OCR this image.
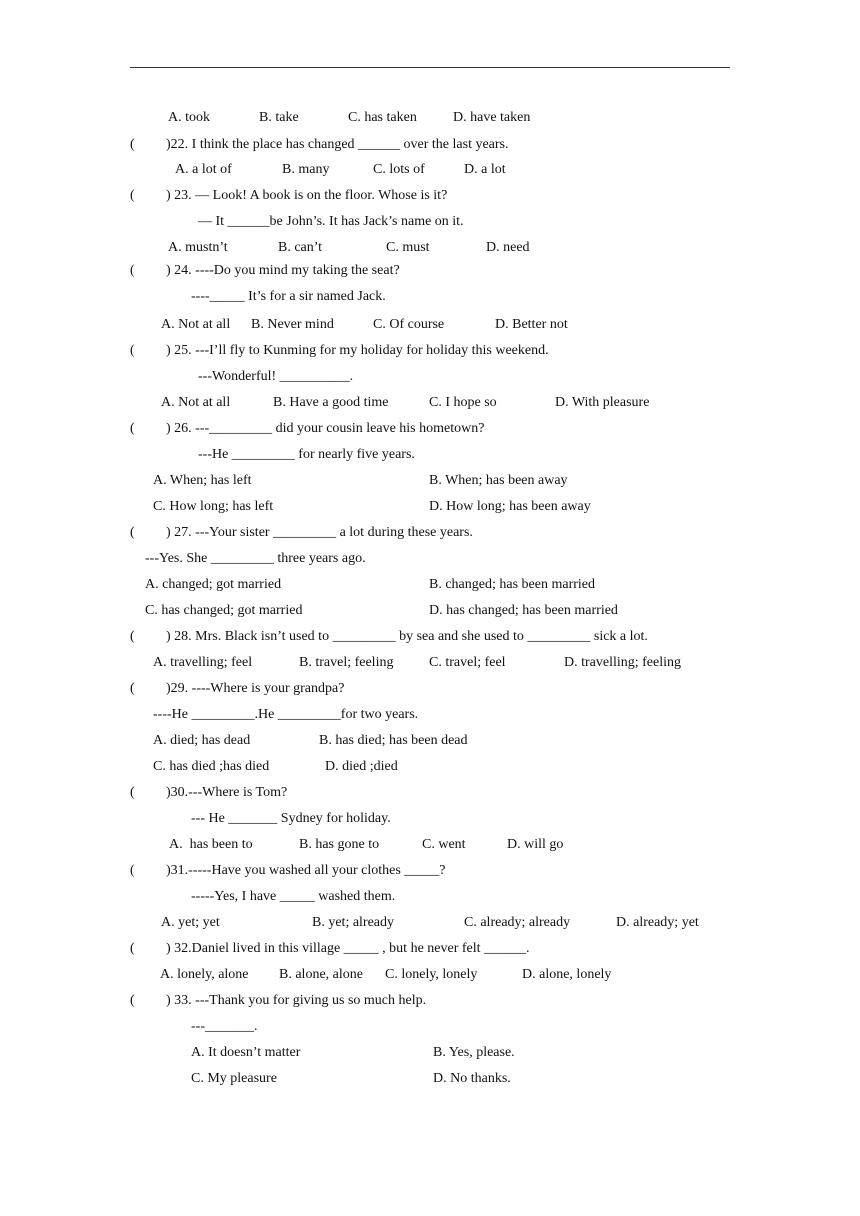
A. took	B. take	C. has taken	D. have taken
( )22. I think the place has changed ______ over the last years.
A. a lot of	B. many	C. lots of	D. a lot
( ) 23. — Look! A book is on the floor. Whose is it?
— It ______be John’s. It has Jack’s name on it.
A. mustn’t	B. can’t	C. must	D. need
( ) 24. ----Do you mind my taking the seat?
----_____ It’s for a sir named Jack.
A. Not at all B. Never mind	C. Of course	D. Better not
( ) 25. ---I’ll fly to Kunming for my holiday for holiday this weekend.
---Wonderful! __________.
A. Not at all	B. Have a good time	C. I hope so	D. With pleasure
( ) 26. ---_________ did your cousin leave his hometown?
---He _________ for nearly five years.
A. When; has left	B. When; has been away
C. How long; has left	D. How long; has been away
( ) 27. ---Your sister _________ a lot during these years.
---Yes. She _________ three years ago.
A. changed; got married	B. changed; has been married
C. has changed; got married	D. has changed; has been married
( ) 28. Mrs. Black isn’t used to _________ by sea and she used to _________ sick a lot.
A. travelling; feel	B. travel; feeling	C. travel; feel	D. travelling; feeling
( )29. ----Where is your grandpa?
----He _________.He _________for two years.
A. died; has dead	B. has died; has been dead
C. has died ;has died	D. died ;died
( )30.---Where is Tom?
--- He _______ Sydney for holiday.
A.  has been to	B. has gone to	C. went	D. will go
( )31.-----Have you washed all your clothes _____?
-----Yes, I have _____ washed them.
A. yet; yet	B. yet; already	C. already; already	D. already; yet
( ) 32.Daniel lived in this village _____ , but he never felt ______.
A. lonely, alone B. alone, alone C. lonely, lonely	D. alone, lonely
( ) 33. ---Thank you for giving us so much help.
---_______.
A. It doesn’t matter	B. Yes, please.
C. My pleasure	D. No thanks.
